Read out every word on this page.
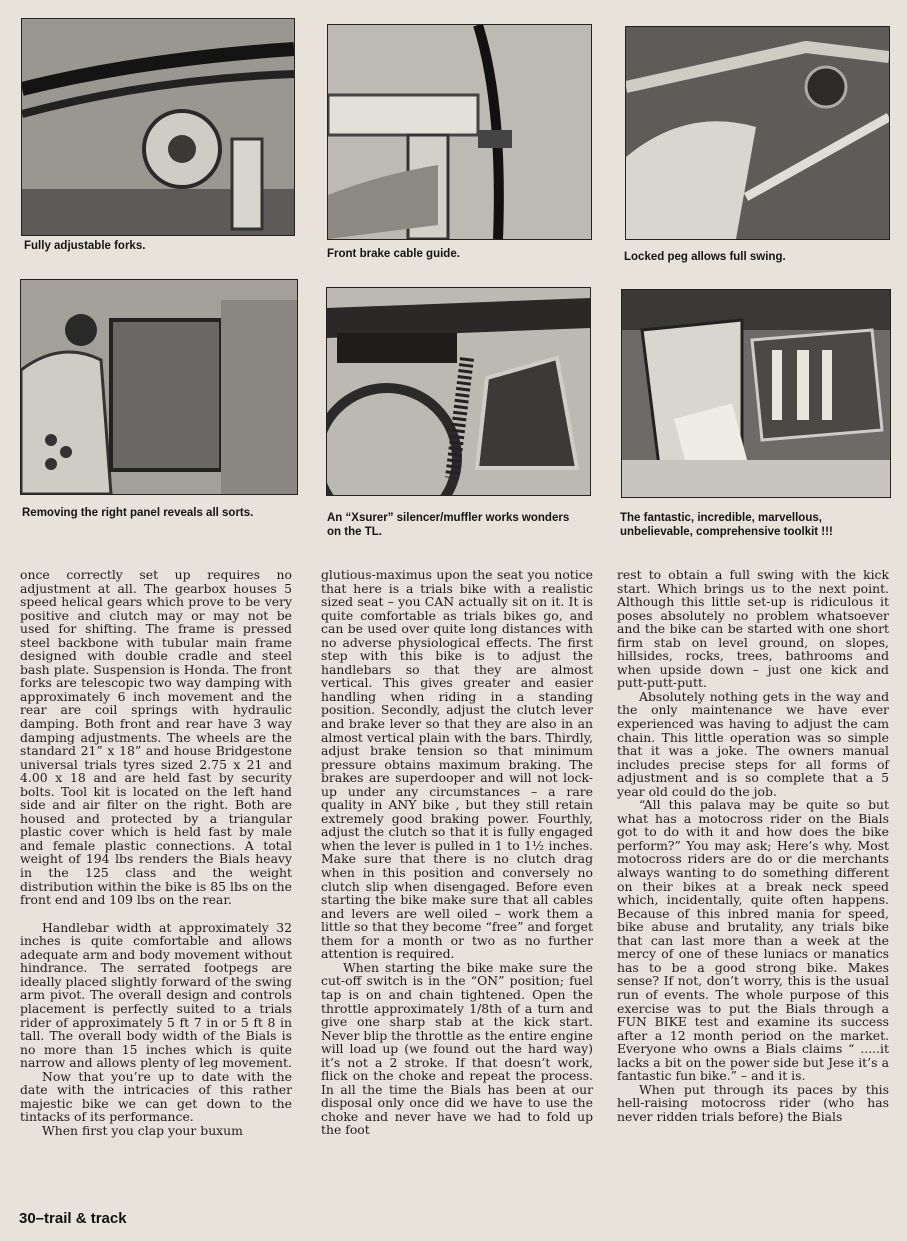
Fully adjustable forks.
Front brake cable guide.	Locked peg allows full swing.
Removing the right panel reveals all sorts.	An “Xsurer” silencer/muffler works wonders on the TL.
The fantastic, incredible, marvellous, unbelievable, comprehensive toolkit !!!

once correctly set up requires no adjustment at all. The gearbox houses 5 speed helical gears which prove to be very positive and clutch may or may not be used for shifting. The frame is pressed steel backbone with tubular main frame designed with double cradle and steel bash plate. Suspension is Honda. The front forks are telescopic two way damping with approximately 6 inch movement and the rear are coil springs with hydraulic damping. Both front and rear have 3 way damping adjustments. The wheels are the standard 21” x 18” and house Bridgestone universal trials tyres sized 2.75 x 21 and 4.00 x 18 and are held fast by security bolts. Tool kit is located on the left hand side and air filter on the right. Both are housed and protected by a triangular plastic cover which is held fast by male and female plastic connections. A total weight of 194 lbs renders the Bials heavy in the 125 class and the weight distribution within the bike is 85 lbs on the front end and 109 lbs on the rear.

Handlebar width at approximately 32 inches is quite comfortable and allows adequate arm and body movement without hindrance. The serrated footpegs are ideally placed slightly forward of the swing arm pivot. The overall design and controls placement is perfectly suited to a trials rider of approximately 5 ft 7 in or 5 ft 8 in tall. The overall body width of the Bials is no more than 15 inches which is quite narrow and allows plenty of leg movement.

Now that you’re up to date with the date with the intricacies of this rather majestic bike we can get down to the tintacks of its performance.

When first you clap your buxum

glutious-maximus upon the seat you notice that here is a trials bike with a realistic sized seat – you CAN actually sit on it. It is quite comfortable as trials bikes go, and can be used over quite long distances with no adverse physiological effects. The first step with this bike is to adjust the handlebars so that they are almost vertical. This gives greater and easier handling when riding in a standing position. Secondly, adjust the clutch lever and brake lever so that they are also in an almost vertical plain with the bars. Thirdly, adjust brake tension so that minimum pressure obtains maximum braking. The brakes are superdooper and will not lock-up under any circumstances – a rare quality in ANY bike , but they still retain extremely good braking power. Fourthly, adjust the clutch so that it is fully engaged when the lever is pulled in 1 to 1½ inches. Make sure that there is no clutch drag when in this position and conversely no clutch slip when disengaged. Before even starting the bike make sure that all cables and levers are well oiled – work them a little so that they become “free” and forget them for a month or two as no further attention is required.

When starting the bike make sure the cut-off switch is in the “ON” position; fuel tap is on and chain tightened. Open the throttle approximately 1/8th of a turn and give one sharp stab at the kick start. Never blip the throttle as the entire engine will load up (we found out the hard way) it’s not a 2 stroke. If that doesn’t work, flick on the choke and repeat the process. In all the time the Bials has been at our disposal only once did we have to use the choke and never have we had to fold up the foot

rest to obtain a full swing with the kick start. Which brings us to the next point. Although this little set-up is ridiculous it poses absolutely no problem whatsoever and the bike can be started with one short firm stab on level ground, on slopes, hillsides, rocks, trees, bathrooms and when upside down – just one kick and putt-putt-putt.

Absolutely nothing gets in the way and the only maintenance we have ever experienced was having to adjust the cam chain. This little operation was so simple that it was a joke. The owners manual includes precise steps for all forms of adjustment and is so complete that a 5 year old could do the job.

“All this palava may be quite so but what has a motocross rider on the Bials got to do with it and how does the bike perform?” You may ask; Here’s why. Most motocross riders are do or die merchants always wanting to do something different on their bikes at a break neck speed which, incidentally, quite often happens. Because of this inbred mania for speed, bike abuse and brutality, any trials bike that can last more than a week at the mercy of one of these luniacs or manatics has to be a good strong bike. Makes sense? If not, don’t worry, this is the usual run of events. The whole purpose of this exercise was to put the Bials through a FUN BIKE test and examine its success after a 12 month period on the market. Everyone who owns a Bials claims “ .....it lacks a bit on the power side but Jese it’s a fantastic fun bike.” – and it is.

When put through its paces by this hell-raising motocross rider (who has never ridden trials before) the Bials

30–trail & track
